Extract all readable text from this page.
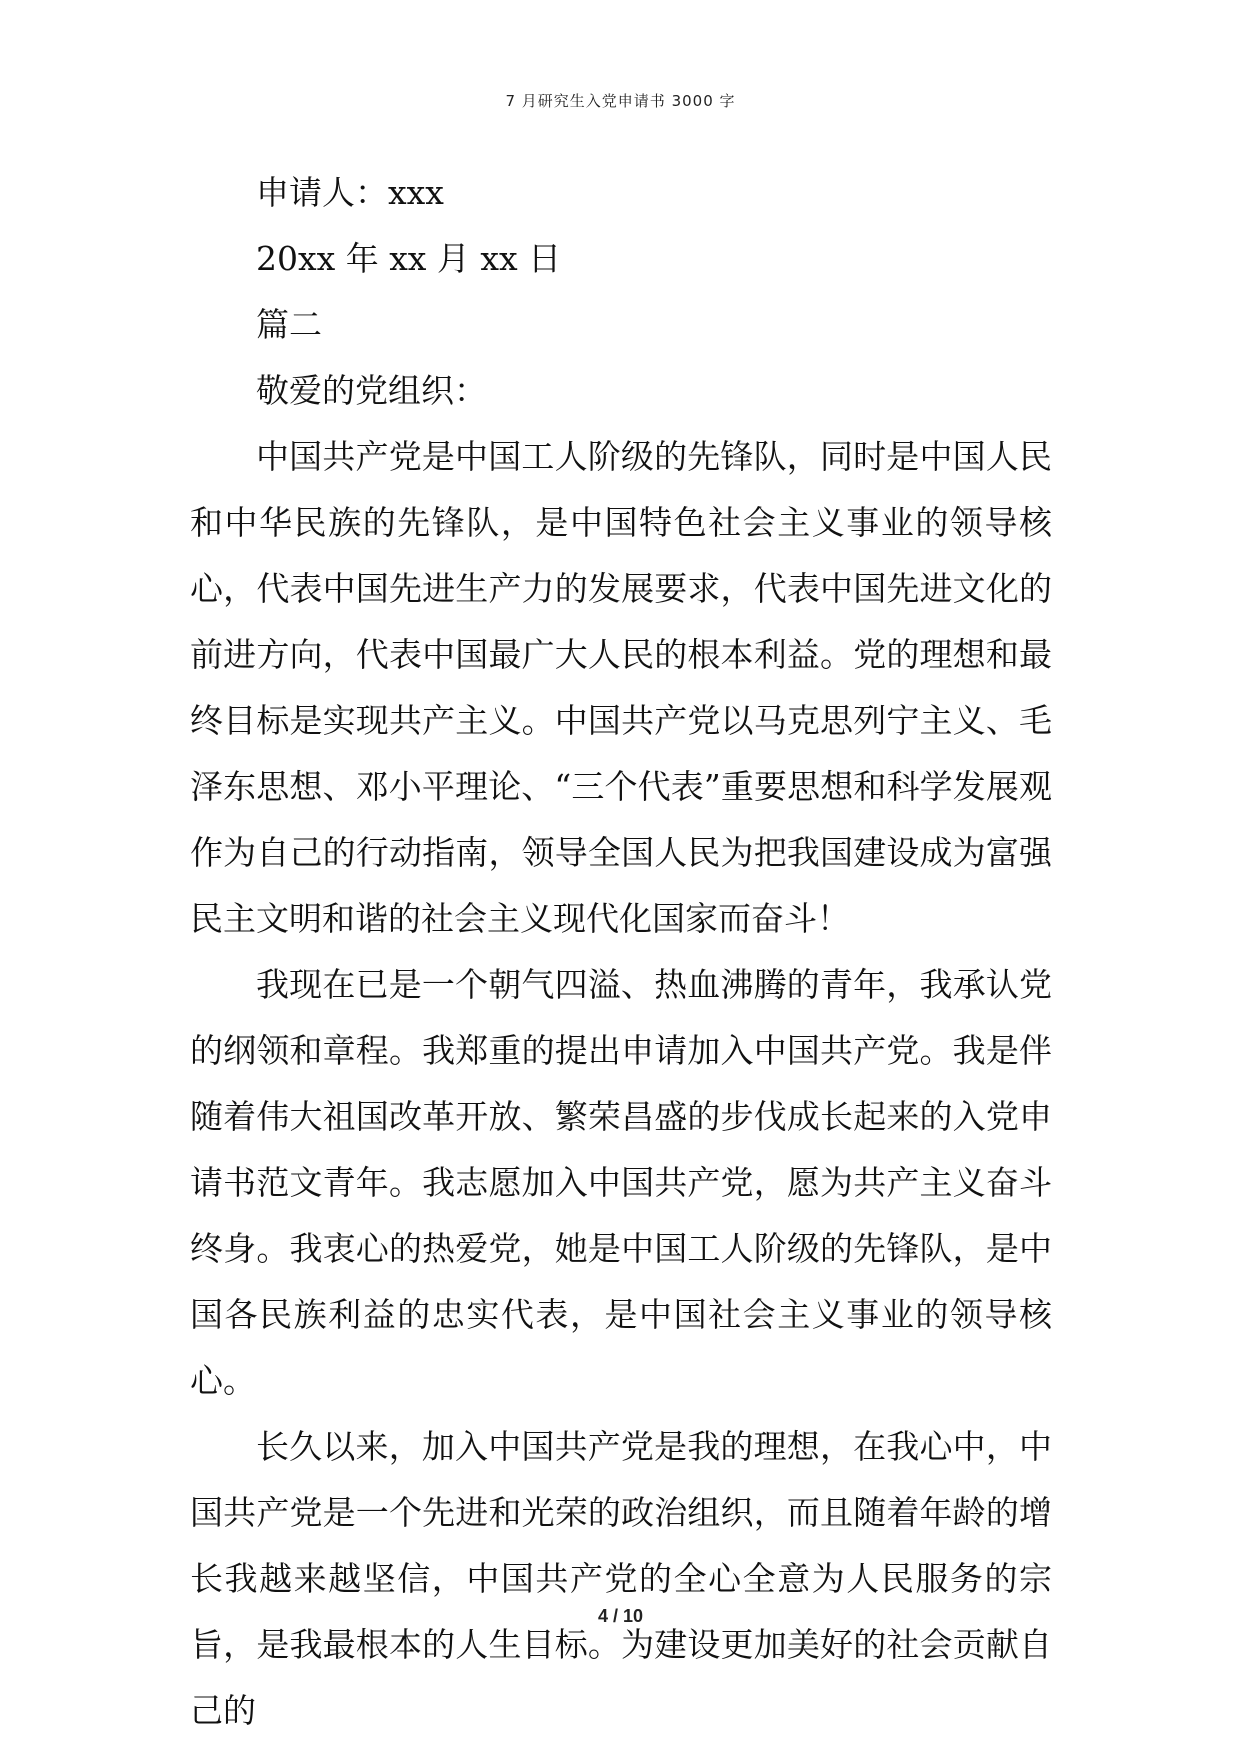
7 月研究生入党申请书 3000 字

申请人：xxx

20xx 年 xx 月 xx 日

篇二

敬爱的党组织：

中国共产党是中国工人阶级的先锋队，同时是中国人民和中华民族的先锋队，是中国特色社会主义事业的领导核心，代表中国先进生产力的发展要求，代表中国先进文化的前进方向，代表中国最广大人民的根本利益。党的理想和最终目标是实现共产主义。中国共产党以马克思列宁主义、毛泽东思想、邓小平理论、“三个代表”重要思想和科学发展观作为自己的行动指南，领导全国人民为把我国建设成为富强民主文明和谐的社会主义现代化国家而奋斗！

我现在已是一个朝气四溢、热血沸腾的青年，我承认党的纲领和章程。我郑重的提出申请加入中国共产党。我是伴随着伟大祖国改革开放、繁荣昌盛的步伐成长起来的入党申请书范文青年。我志愿加入中国共产党，愿为共产主义奋斗终身。我衷心的热爱党，她是中国工人阶级的先锋队，是中国各民族利益的忠实代表，是中国社会主义事业的领导核心。

长久以来，加入中国共产党是我的理想，在我心中，中国共产党是一个先进和光荣的政治组织，而且随着年龄的增长我越来越坚信，中国共产党的全心全意为人民服务的宗旨，是我最根本的人生目标。为建设更加美好的社会贡献自己的

4 / 10
